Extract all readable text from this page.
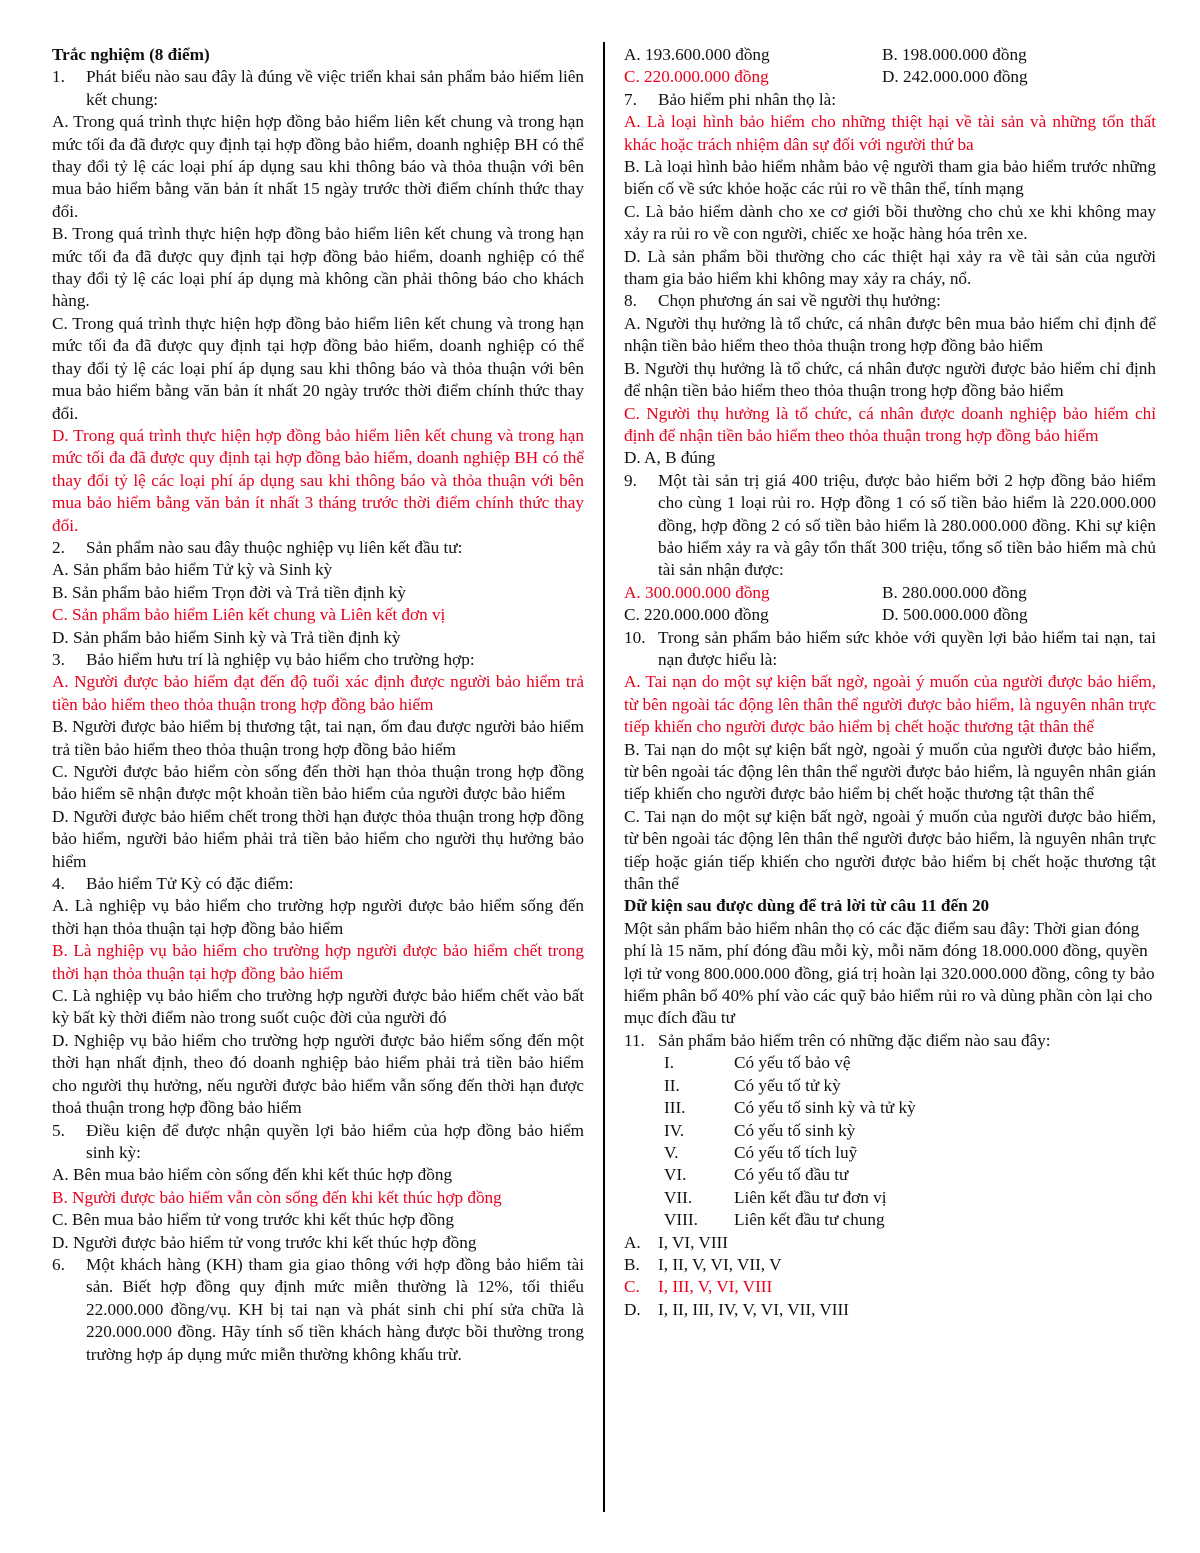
Trắc nghiệm (8 điểm)

1. Phát biểu nào sau đây là đúng về việc triển khai sản phẩm bảo hiểm liên kết chung:

A. Trong quá trình thực hiện hợp đồng bảo hiểm liên kết chung và trong hạn mức tối đa đã được quy định tại hợp đồng bảo hiểm, doanh nghiệp BH có thể

thay đổi tỷ lệ các loại phí áp dụng sau khi thông báo và thỏa thuận với bên mua bảo hiểm bằng văn bản ít nhất 15 ngày trước thời điểm chính thức thay đổi.

B. Trong quá trình thực hiện hợp đồng bảo hiểm liên kết chung và trong hạn mức tối đa đã được quy định tại hợp đồng bảo hiểm, doanh nghiệp có thể thay đổi tỷ lệ các loại phí áp dụng mà không cần phải thông báo cho khách hàng.

C. Trong quá trình thực hiện hợp đồng bảo hiểm liên kết chung và trong hạn mức tối đa đã được quy định tại hợp đồng bảo hiểm, doanh nghiệp có thể thay đổi tỷ lệ các loại phí áp dụng sau khi thông báo và thỏa thuận với bên mua bảo hiểm bằng văn bản ít nhất 20 ngày trước thời điểm chính thức thay đổi.

D. Trong quá trình thực hiện hợp đồng bảo hiểm liên kết chung và trong hạn mức tối đa đã được quy định tại hợp đồng bảo hiểm, doanh nghiệp BH có thể thay đổi tỷ lệ các loại phí áp dụng sau khi thông báo và thỏa thuận với bên mua bảo hiểm bằng văn bản ít nhất 3 tháng trước thời điểm chính thức thay đổi.

2. Sản phẩm nào sau đây thuộc nghiệp vụ liên kết đầu tư:

A. Sản phẩm bảo hiểm Tử kỳ và Sinh kỳ

B. Sản phẩm bảo hiểm Trọn đời và Trả tiền định kỳ

C. Sản phẩm bảo hiểm Liên kết chung và Liên kết đơn vị

D. Sản phẩm bảo hiểm Sinh kỳ và Trả tiền định kỳ

3. Bảo hiểm hưu trí là nghiệp vụ bảo hiểm cho trường hợp:

A. Người được bảo hiểm đạt đến độ tuổi xác định được người bảo hiểm trả tiền bảo hiểm theo thỏa thuận trong hợp đồng bảo hiểm

B. Người được bảo hiểm bị thương tật, tai nạn, ốm đau được người bảo hiểm trả tiền bảo hiểm theo thỏa thuận trong hợp đồng bảo hiểm

C. Người được bảo hiểm còn sống đến thời hạn thỏa thuận trong hợp đồng bảo hiểm sẽ nhận được một khoản tiền bảo hiểm của người được bảo hiểm

D. Người được bảo hiểm chết trong thời hạn được thỏa thuận trong hợp đồng bảo hiểm, người bảo hiểm phải trả tiền bảo hiểm cho người thụ hưởng bảo hiểm

4. Bảo hiểm Tử Kỳ có đặc điểm:

A. Là nghiệp vụ bảo hiểm cho trường hợp người được bảo hiểm sống đến thời hạn thỏa thuận tại hợp đồng bảo hiểm

B. Là nghiệp vụ bảo hiểm cho trường hợp người được bảo hiểm chết trong thời hạn thỏa thuận tại hợp đồng bảo hiểm

C. Là nghiệp vụ bảo hiểm cho trường hợp người được bảo hiểm chết vào bất kỳ bất kỳ thời điểm nào trong suốt cuộc đời của người đó

D. Nghiệp vụ bảo hiểm cho trường hợp người được bảo hiểm sống đến một thời hạn nhất định, theo đó doanh nghiệp bảo hiểm phải trả tiền bảo hiểm cho người thụ hưởng, nếu người được bảo hiểm vẫn sống đến thời hạn được thoả thuận trong hợp đồng bảo hiểm

5. Điều kiện để được nhận quyền lợi bảo hiểm của hợp đồng bảo hiểm sinh kỳ:

A. Bên mua bảo hiểm còn sống đến khi kết thúc hợp đồng

B. Người được bảo hiểm vẫn còn sống đến khi kết thúc hợp đồng

C. Bên mua bảo hiểm tử vong trước khi kết thúc hợp đồng

D. Người được bảo hiểm tử vong trước khi kết thúc hợp đồng

6. Một khách hàng (KH) tham gia giao thông với hợp đồng bảo hiểm tài sản. Biết hợp đồng quy định mức miễn thường là 12%, tối thiểu 22.000.000 đồng/vụ. KH bị tai nạn và phát sinh chi phí sửa chữa là 220.000.000 đồng. Hãy tính số tiền khách hàng được bồi thường trong trường hợp áp dụng mức miễn thường không khấu trừ.

A. 193.600.000 đồng	B. 198.000.000 đồng
C. 220.000.000 đồng	D. 242.000.000 đồng

7. Bảo hiểm phi nhân thọ là:

A. Là loại hình bảo hiểm cho những thiệt hại về tài sản và những tổn thất khác hoặc trách nhiệm dân sự đối với người thứ ba

B. Là loại hình bảo hiểm nhằm bảo vệ người tham gia bảo hiểm trước những biến cố về sức khỏe hoặc các rủi ro về thân thể, tính mạng

C. Là bảo hiểm dành cho xe cơ giới bồi thường cho chủ xe khi không may xảy ra rủi ro về con người, chiếc xe hoặc hàng hóa trên xe.

D. Là sản phẩm bồi thường cho các thiệt hại xảy ra về tài sản của người tham gia bảo hiểm khi không may xảy ra cháy, nổ.

8. Chọn phương án sai về người thụ hưởng:

A. Người thụ hưởng là tổ chức, cá nhân được bên mua bảo hiểm chỉ định để nhận tiền bảo hiểm theo thỏa thuận trong hợp đồng bảo hiểm

B. Người thụ hưởng là tổ chức, cá nhân được người được bảo hiểm chỉ định để nhận tiền bảo hiểm theo thỏa thuận trong hợp đồng bảo hiểm

C. Người thụ hưởng là tổ chức, cá nhân được doanh nghiệp bảo hiểm chỉ định để nhận tiền bảo hiểm theo thỏa thuận trong hợp đồng bảo hiểm

D. A, B đúng

9. Một tài sản trị giá 400 triệu, được bảo hiểm bởi 2 hợp đồng bảo hiểm cho cùng 1 loại rủi ro. Hợp đồng 1 có số tiền bảo hiểm là 220.000.000 đồng, hợp đồng 2 có số tiền bảo hiểm là 280.000.000 đồng. Khi sự kiện bảo hiểm xảy ra và gây tổn thất 300 triệu, tổng số tiền bảo hiểm mà chủ tài sản nhận được:

A. 300.000.000 đồng	B. 280.000.000 đồng
C. 220.000.000 đồng	D. 500.000.000 đồng

10. Trong sản phẩm bảo hiểm sức khỏe với quyền lợi bảo hiểm tai nạn, tai nạn được hiểu là:

A. Tai nạn do một sự kiện bất ngờ, ngoài ý muốn của người được bảo hiểm, từ bên ngoài tác động lên thân thể người được bảo hiểm, là nguyên nhân trực tiếp khiến cho người được bảo hiểm bị chết hoặc thương tật thân thể

B. Tai nạn do một sự kiện bất ngờ, ngoài ý muốn của người được bảo hiểm, từ bên ngoài tác động lên thân thể người được bảo hiểm, là nguyên nhân gián tiếp khiến cho người được bảo hiểm bị chết hoặc thương tật thân thể

C. Tai nạn do một sự kiện bất ngờ, ngoài ý muốn của người được bảo hiểm, từ bên ngoài tác động lên thân thể người được bảo hiểm, là nguyên nhân trực tiếp hoặc gián tiếp khiến cho người được bảo hiểm bị chết hoặc thương tật thân thể

Dữ kiện sau được dùng để trả lời từ câu 11 đến 20

Một sản phẩm bảo hiểm nhân thọ có các đặc điểm sau đây: Thời gian đóng phí là 15 năm, phí đóng đầu mỗi kỳ, mỗi năm đóng 18.000.000 đồng, quyền lợi tử vong 800.000.000 đồng, giá trị hoàn lại 320.000.000 đồng, công ty bảo hiểm phân bổ 40% phí vào các quỹ bảo hiểm rủi ro và dùng phần còn lại cho mục đích đầu tư

11. Sản phẩm bảo hiểm trên có những đặc điểm nào sau đây:

I.	Có yếu tố bảo vệ
II.	Có yếu tố tử kỳ
III.	Có yếu tố sinh kỳ và tử kỳ
IV.	Có yếu tố sinh kỳ
V.	Có yếu tố tích luỹ
VI.	Có yếu tố đầu tư
VII.	Liên kết đầu tư đơn vị
VIII.	Liên kết đầu tư chung
A.	I, VI, VIII
B.	I, II, V, VI, VII, V
C.	I, III, V, VI, VIII
D.	I, II, III, IV, V, VI, VII, VIII
